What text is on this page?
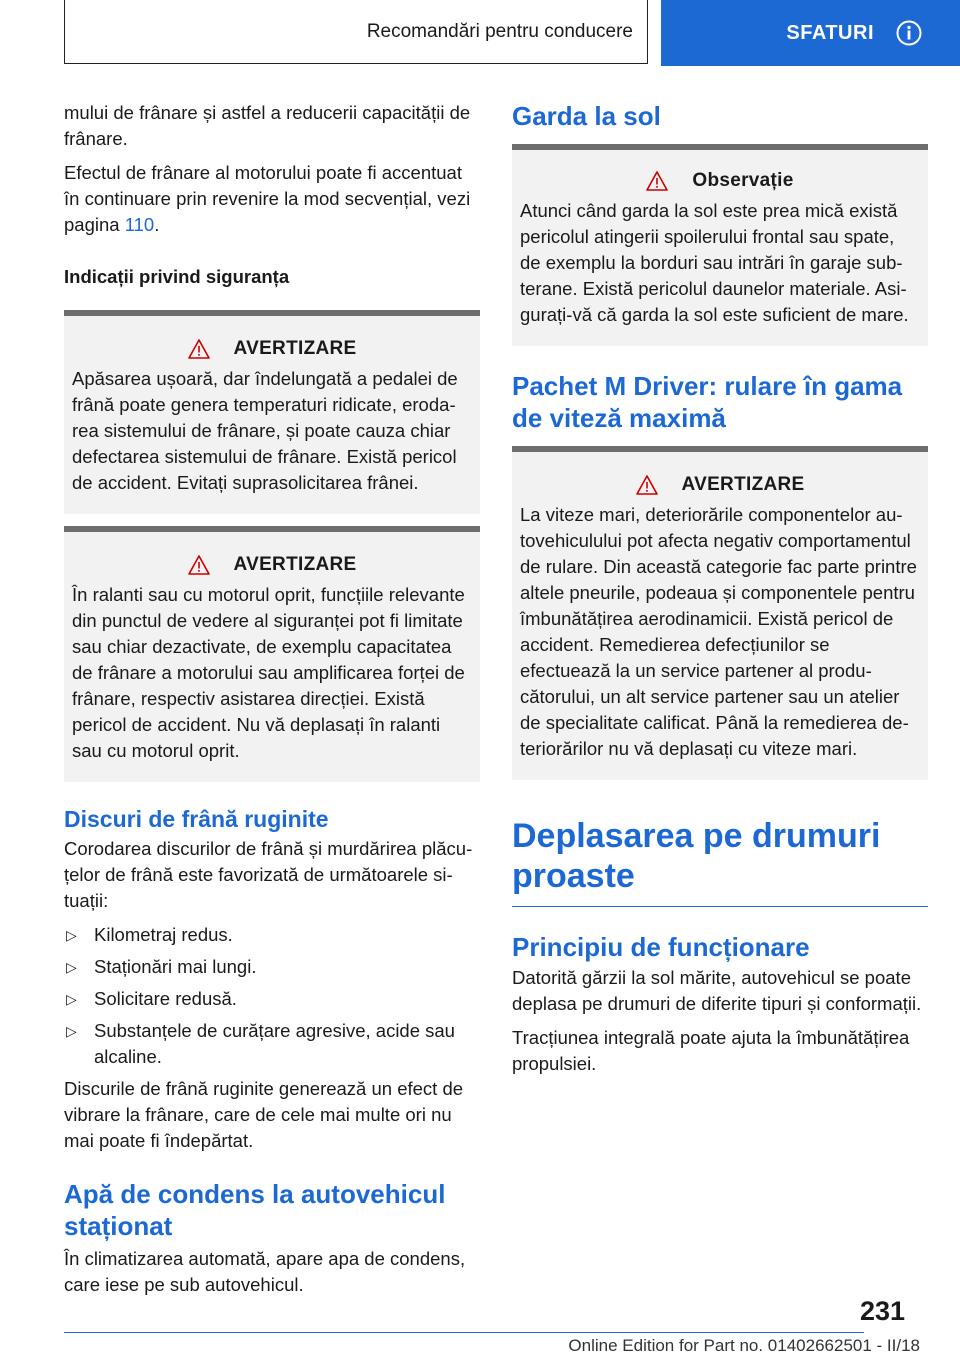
Recomandări pentru conducere	SFATURI

mului de frânare și astfel a reducerii capacității de frânare.

Efectul de frânare al motorului poate fi accentuat în continuare prin revenire la mod secvențial, vezi pagina 110.

Indicații privind siguranța
AVERTIZARE

Apăsarea ușoară, dar îndelungată a pedalei de frână poate genera temperaturi ridicate, erodarea sistemului de frânare, și poate cauza chiar defectarea sistemului de frânare. Există pericol de accident. Evitați suprasolicitarea frânei.

AVERTIZARE

În ralanti sau cu motorul oprit, funcțiile relevante din punctul de vedere al siguranței pot fi limitate sau chiar dezactivate, de exemplu capacitatea de frânare a motorului sau amplificarea forței de frânare, respectiv asistarea direcției. Există pericol de accident. Nu vă deplasați în ralanti sau cu motorul oprit.

Discuri de frână ruginite

Corodarea discurilor de frână și murdărirea plăcuțelor de frână este favorizată de următoarele situații:

▷ Kilometraj redus.
▷ Staționări mai lungi.
▷ Solicitare redusă.
▷ Substanțele de curățare agresive, acide sau alcaline.

Discurile de frână ruginite generează un efect de vibrare la frânare, care de cele mai multe ori nu mai poate fi îndepărtat.

Apă de condens la autovehicul staționat

În climatizarea automată, apare apa de condens, care iese pe sub autovehicul.

Garda la sol
Observație

Atunci când garda la sol este prea mică există pericolul atingerii spoilerului frontal sau spate, de exemplu la borduri sau intrări în garaje subterane. Există pericolul daunelor materiale. Asigurați-vă că garda la sol este suficient de mare.

Pachet M Driver: rulare în gama de viteză maximă
AVERTIZARE

La viteze mari, deteriorările componentelor autovehiculului pot afecta negativ comportamentul de rulare. Din această categorie fac parte printre altele pneurile, podeaua și componentele pentru îmbunătățirea aerodinamicii. Există pericol de accident. Remedierea defecțiunilor se efectuează la un service partener al producătorului, un alt service partener sau un atelier de specialitate calificat. Până la remedierea deteriorărilor nu vă deplasați cu viteze mari.

Deplasarea pe drumuri proaste
Principiu de funcționare

Datorită gărzii la sol mărite, autovehicul se poate deplasa pe drumuri de diferite tipuri și conformații.

Tracțiunea integrală poate ajuta la îmbunătățirea propulsiei.

231
Online Edition for Part no. 01402662501 - II/18
